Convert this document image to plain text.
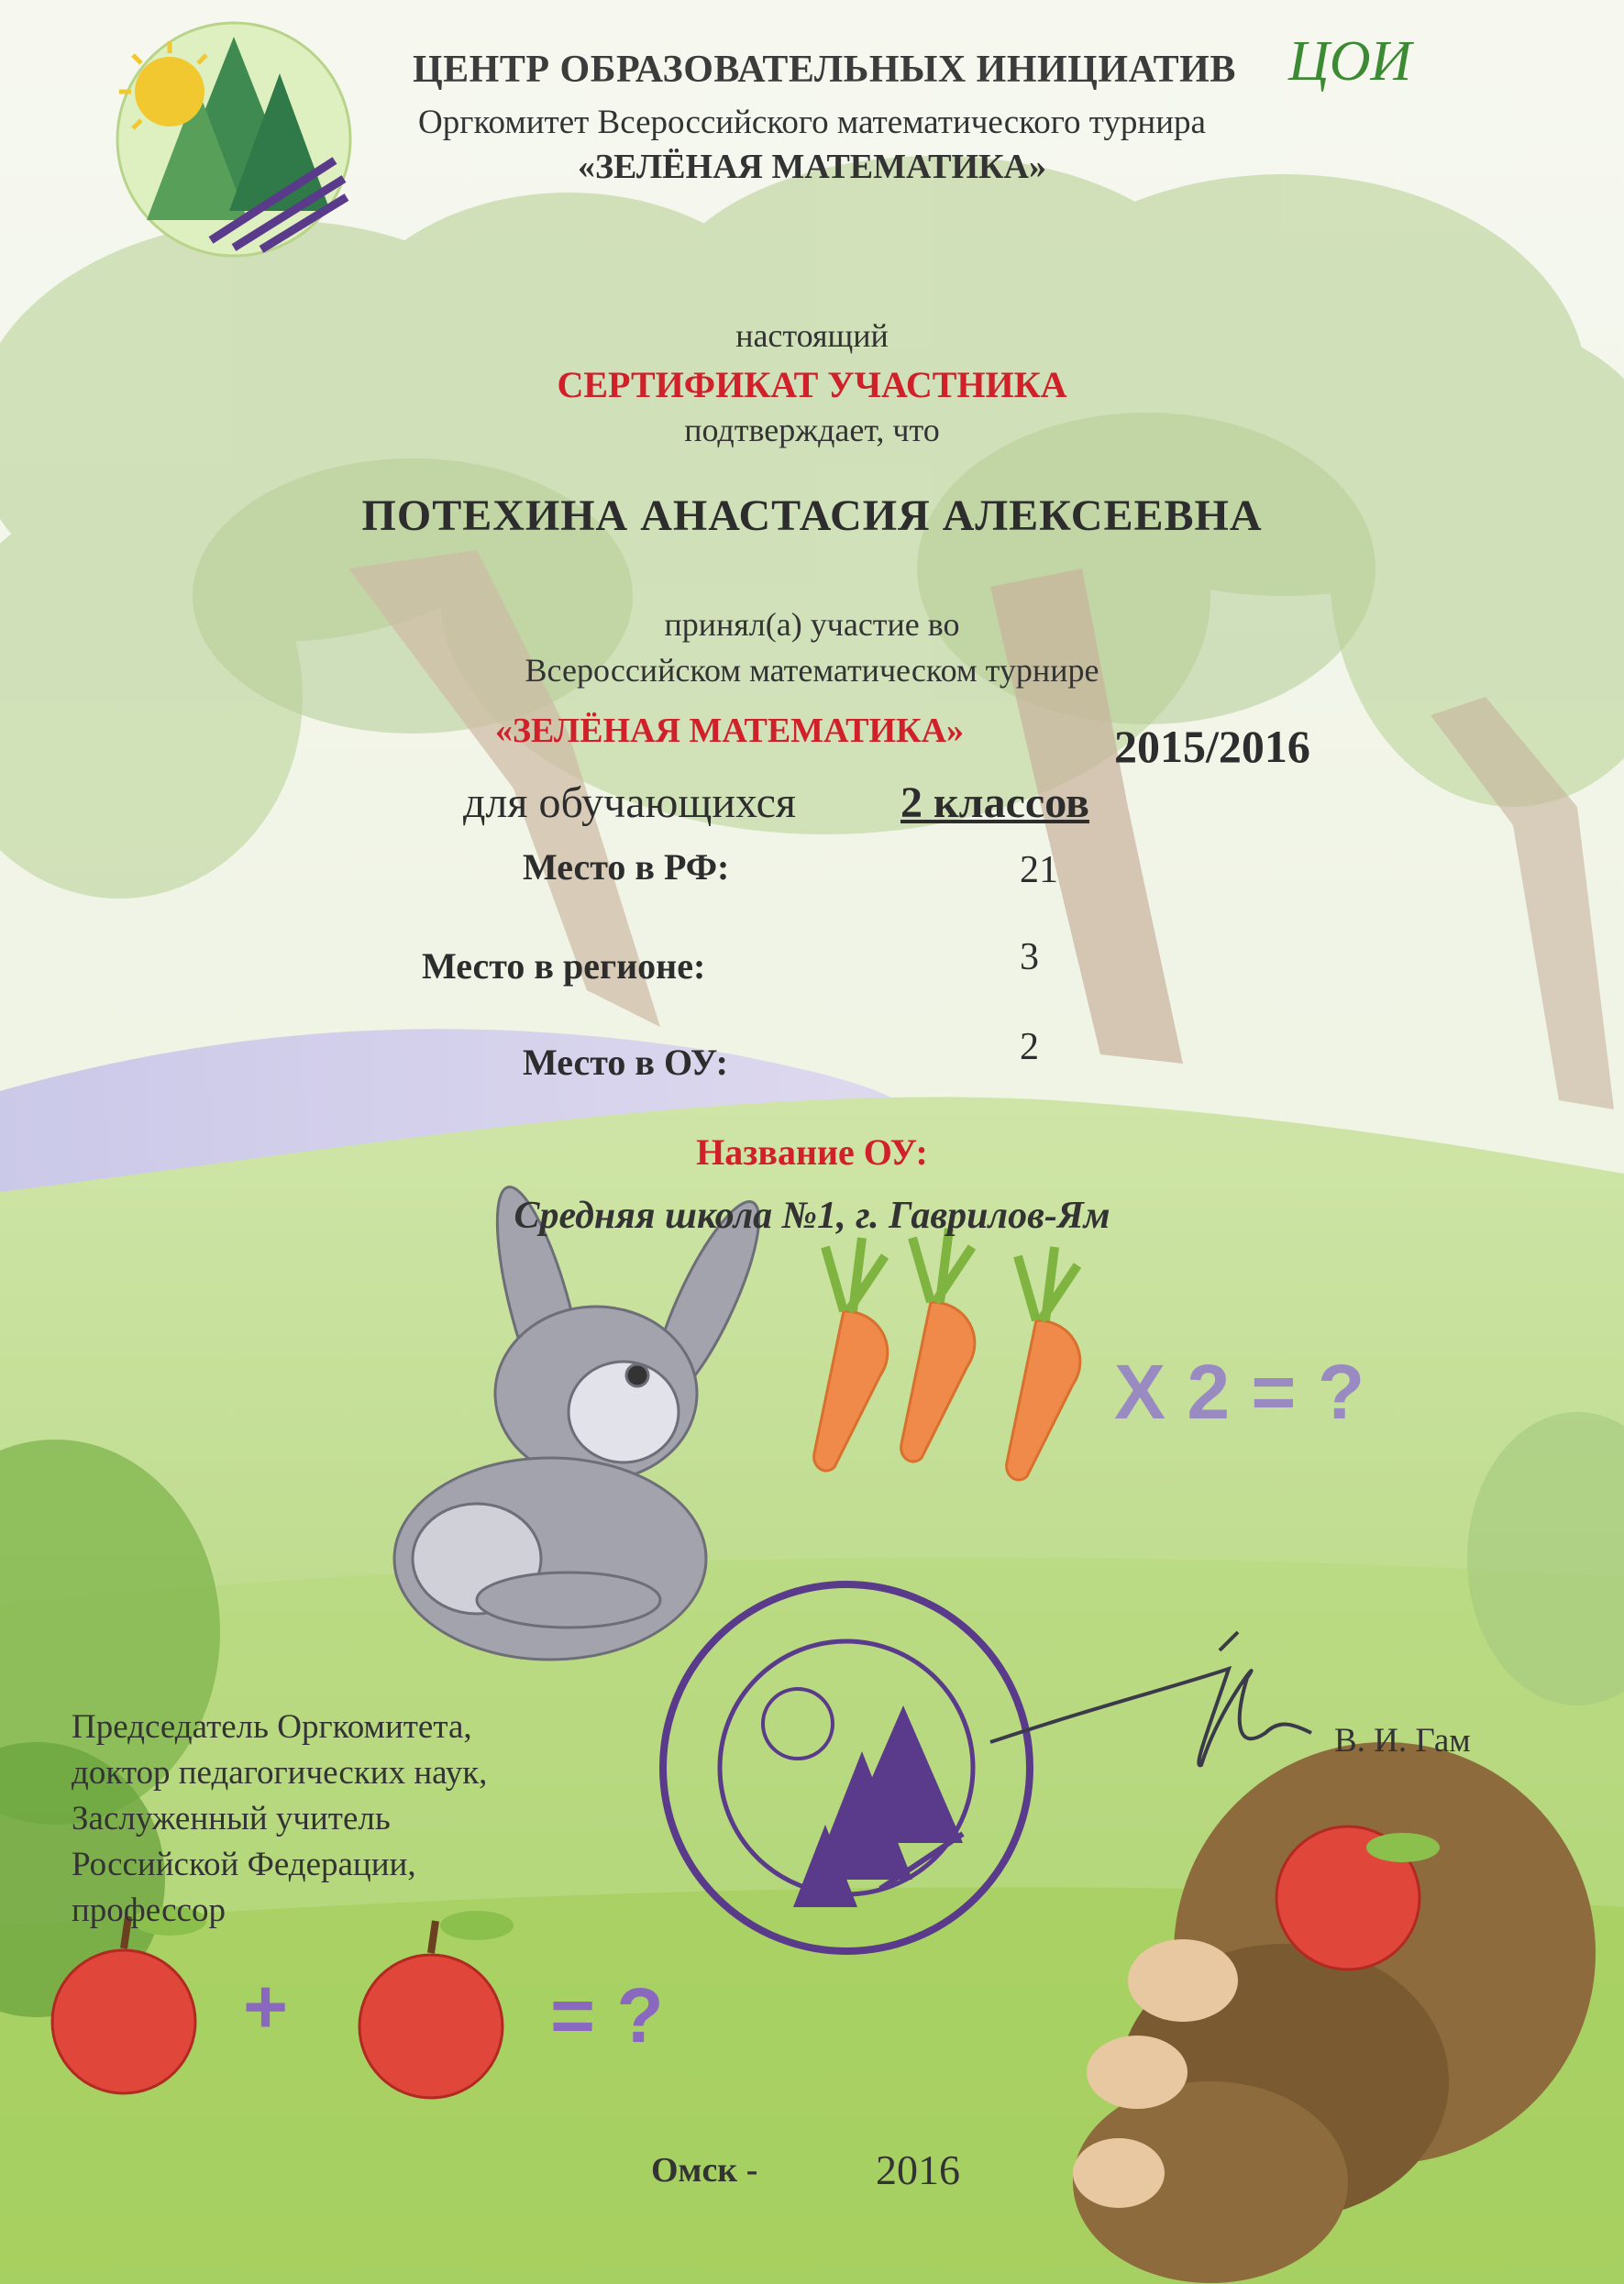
ЦЕНТР ОБРАЗОВАТЕЛЬНЫХ ИНИЦИАТИВ ЦОИ
Оргкомитет Всероссийского математического турнира
«ЗЕЛЁНАЯ МАТЕМАТИКА»
настоящий
СЕРТИФИКАТ УЧАСТНИКА
подтверждает, что
ПОТЕХИНА АНАСТАСИЯ АЛЕКСЕЕВНА
принял(а) участие во
Всероссийском математическом турнире
«ЗЕЛЁНАЯ МАТЕМАТИКА»	2015/2016
для обучающихся 2 классов
Место в РФ:	21
Место в регионе:	3
Место в ОУ:	2
Название ОУ:
Средняя школа №1, г. Гаврилов-Ям
X 2 = ?
+	= ?
Председатель Оргкомитета,
доктор педагогических наук,
Заслуженный учитель
Российской Федерации,
профессор
В. И. Гам
Омск -	2016
